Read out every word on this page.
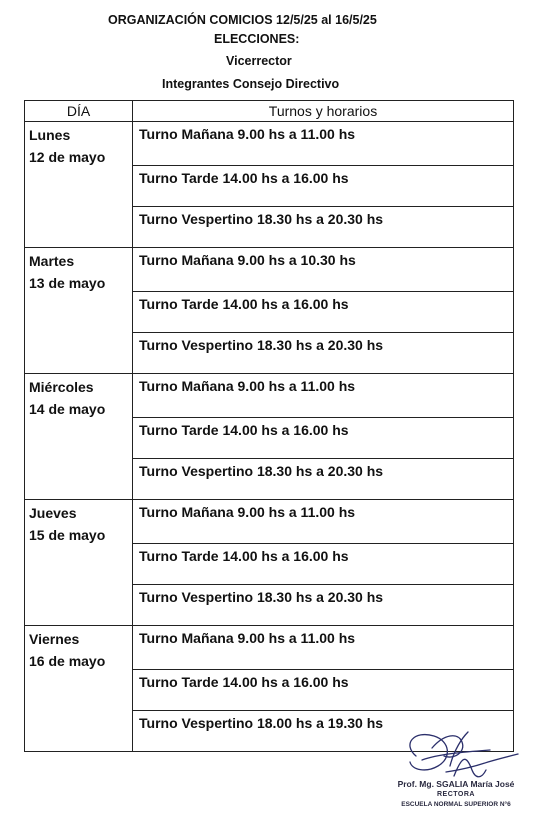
ORGANIZACIÓN COMICIOS 12/5/25 al 16/5/25
ELECCIONES:
Vicerrector
Integrantes Consejo Directivo
DÍA	Turnos y horarios

Lunes
12 de mayo	Turno Mañana 9.00 hs a 11.00 hs
	Turno Tarde 14.00 hs a 16.00 hs
	Turno Vespertino 18.30 hs a 20.30 hs

Martes
13 de mayo	Turno Mañana 9.00 hs a 10.30 hs
	Turno Tarde 14.00 hs a 16.00 hs
	Turno Vespertino 18.30 hs a 20.30 hs

Miércoles
14 de mayo	Turno Mañana 9.00 hs a 11.00 hs
	Turno Tarde 14.00 hs a 16.00 hs
	Turno Vespertino 18.30 hs a 20.30 hs

Jueves
15 de mayo	Turno Mañana 9.00 hs a 11.00 hs
	Turno Tarde 14.00 hs a 16.00 hs
	Turno Vespertino 18.30 hs a 20.30 hs

Viernes
16 de mayo	Turno Mañana 9.00 hs a 11.00 hs
	Turno Tarde 14.00 hs a 16.00 hs
	Turno Vespertino 18.00 hs a 19.30 hs
Prof. Mg. SGALIA María José
RECTORA
ESCUELA NORMAL SUPERIOR N°6
